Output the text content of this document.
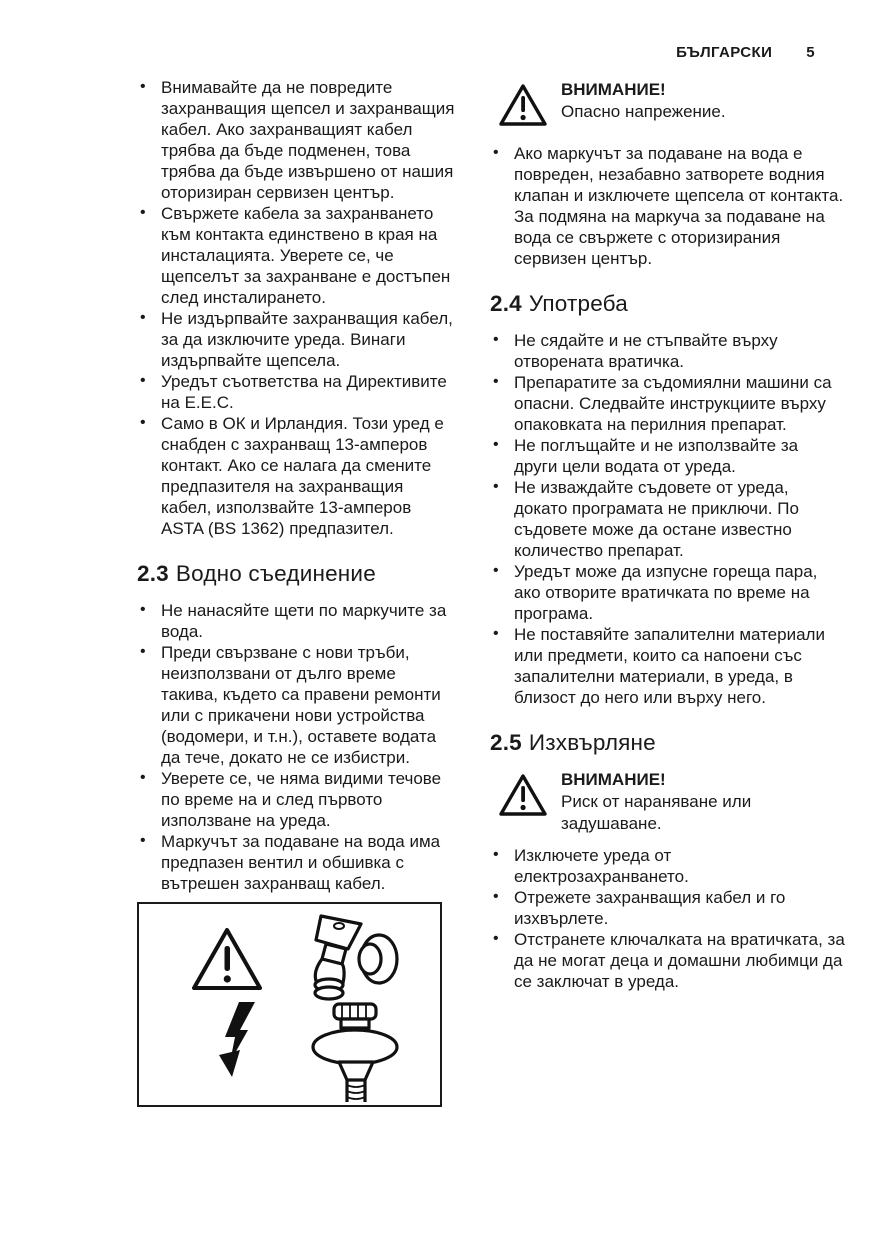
БЪЛГАРСКИ 5
• Внимавайте да не повредите захранващия щепсел и захранващия кабел. Ако захранващият кабел трябва да бъде подменен, това трябва да бъде извършено от нашия оторизиран сервизен център.
• Свържете кабела за захранването към контакта единствено в края на инсталацията. Уверете се, че щепселът за захранване е достъпен след инсталирането.
• Не издърпвайте захранващия кабел, за да изключите уреда. Винаги издърпвайте щепсела.
• Уредът съответства на Директивите на Е.Е.С.
• Само в ОК и Ирландия. Този уред е снабден с захранващ 13-амперов контакт. Ако се налага да смените предпазителя на захранващия кабел, използвайте 13-амперов ASTA (BS 1362) предпазител.
2.3 Водно съединение
• Не нанасяйте щети по маркучите за вода.
• Преди свързване с нови тръби, неизползвани от дълго време такива, където са правени ремонти или с прикачени нови устройства (водомери, и т.н.), оставете водата да тече, докато не се избистри.
• Уверете се, че няма видими течове по време на и след първото използване на уреда.
• Маркучът за подаване на вода има предпазен вентил и обшивка с вътрешен захранващ кабел.
ВНИМАНИЕ!
Опасно напрежение.
• Ако маркучът за подаване на вода е повреден, незабавно затворете водния клапан и изключете щепсела от контакта. За подмяна на маркуча за подаване на вода се свържете с оторизирания сервизен център.
2.4 Употреба
• Не сядайте и не стъпвайте върху отворената вратичка.
• Препаратите за съдомиялни машини са опасни. Следвайте инструкциите върху опаковката на перилния препарат.
• Не поглъщайте и не използвайте за други цели водата от уреда.
• Не изваждайте съдовете от уреда, докато програмата не приключи. По съдовете може да остане известно количество препарат.
• Уредът може да изпусне гореща пара, ако отворите вратичката по време на програма.
• Не поставяйте запалителни материали или предмети, които са напоени със запалителни материали, в уреда, в близост до него или върху него.
2.5 Изхвърляне
ВНИМАНИЕ!
Риск от нараняване или задушаване.
• Изключете уреда от електрозахранването.
• Отрежете захранващия кабел и го изхвърлете.
• Отстранете ключалката на вратичката, за да не могат деца и домашни любимци да се заключат в уреда.
